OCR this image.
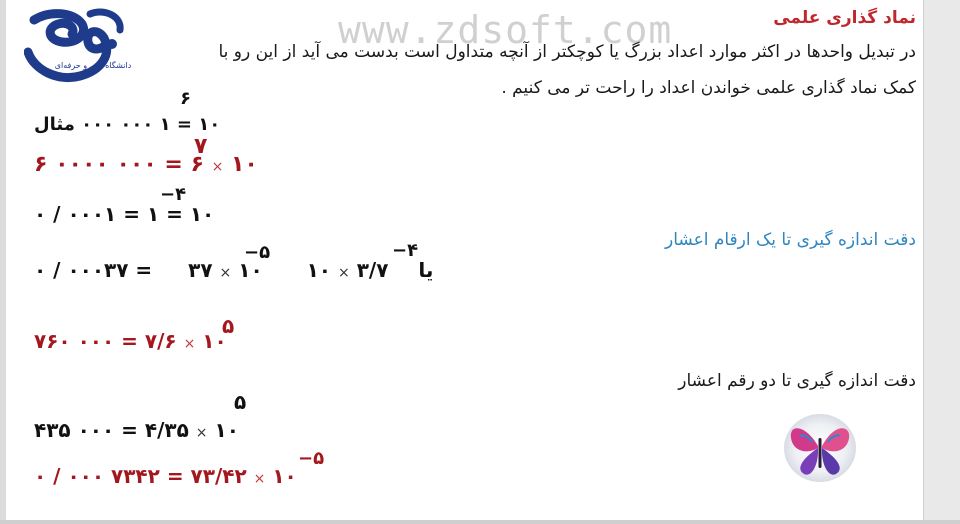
دانشگاه فنی و حرفه‌ای
www.zdsoft.com	نماد گذاری علمی
در تبدیل واحدها در اکثر موارد اعداد بزرگ یا کوچکتر از آنچه متداول است بدست می آید از این رو با
کمک نماد گذاری علمی خواندن اعداد را راحت تر می کنیم .
۶
۱۰ = ۱ ۰۰۰ ۰۰۰ مثال
۶ ۰۰۰۰ ۰۰۰ = ۶ × ۱۰
۷
۰ / ۰۰۰۱ = ۱ = ۱۰
−۴
دقت اندازه گیری تا یک ارقام اعشار
۰ / ۰۰۰۳۷ = ۳۷ × ۱۰	یا  ۳/۷ × ۱۰
−۵	−۴
۷۶۰ ۰۰۰ = ۷/۶ × ۱۰
۵
دقت اندازه گیری تا دو رقم اعشار
۵
۴۳۵ ۰۰۰ = ۴/۳۵ × ۱۰
۰ / ۰۰۰ ۷۳۴۲ = ۷۳/۴۲ × ۱۰
−۵
